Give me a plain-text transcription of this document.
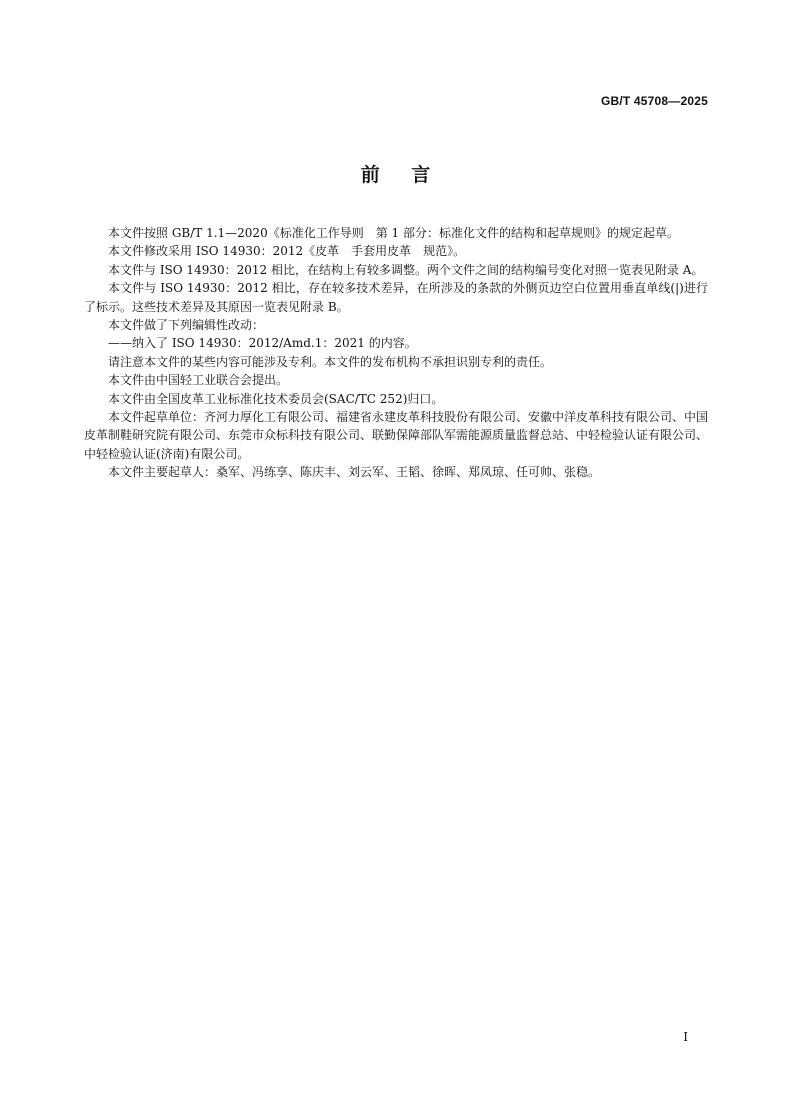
GB/T 45708—2025
前    言

本文件按照 GB/T 1.1—2020《标准化工作导则　第 1 部分：标准化文件的结构和起草规则》的规定起草。

本文件修改采用 ISO 14930：2012《皮革　手套用皮革　规范》。

本文件与 ISO 14930：2012 相比，在结构上有较多调整。两个文件之间的结构编号变化对照一览表见附录 A。

本文件与 ISO 14930：2012 相比，存在较多技术差异，在所涉及的条款的外侧页边空白位置用垂直单线(|)进行了标示。这些技术差异及其原因一览表见附录 B。

本文件做了下列编辑性改动：

——纳入了 ISO 14930：2012/Amd.1：2021 的内容。

请注意本文件的某些内容可能涉及专利。本文件的发布机构不承担识别专利的责任。

本文件由中国轻工业联合会提出。

本文件由全国皮革工业标准化技术委员会(SAC/TC 252)归口。

本文件起草单位：齐河力厚化工有限公司、福建省永建皮革科技股份有限公司、安徽中洋皮革科技有限公司、中国皮革制鞋研究院有限公司、东莞市众标科技有限公司、联勤保障部队军需能源质量监督总站、中轻检验认证有限公司、中轻检验认证(济南)有限公司。

本文件主要起草人：桑军、冯练享、陈庆丰、刘云军、王韬、徐晖、郑凤琼、任可帅、张稳。

I
